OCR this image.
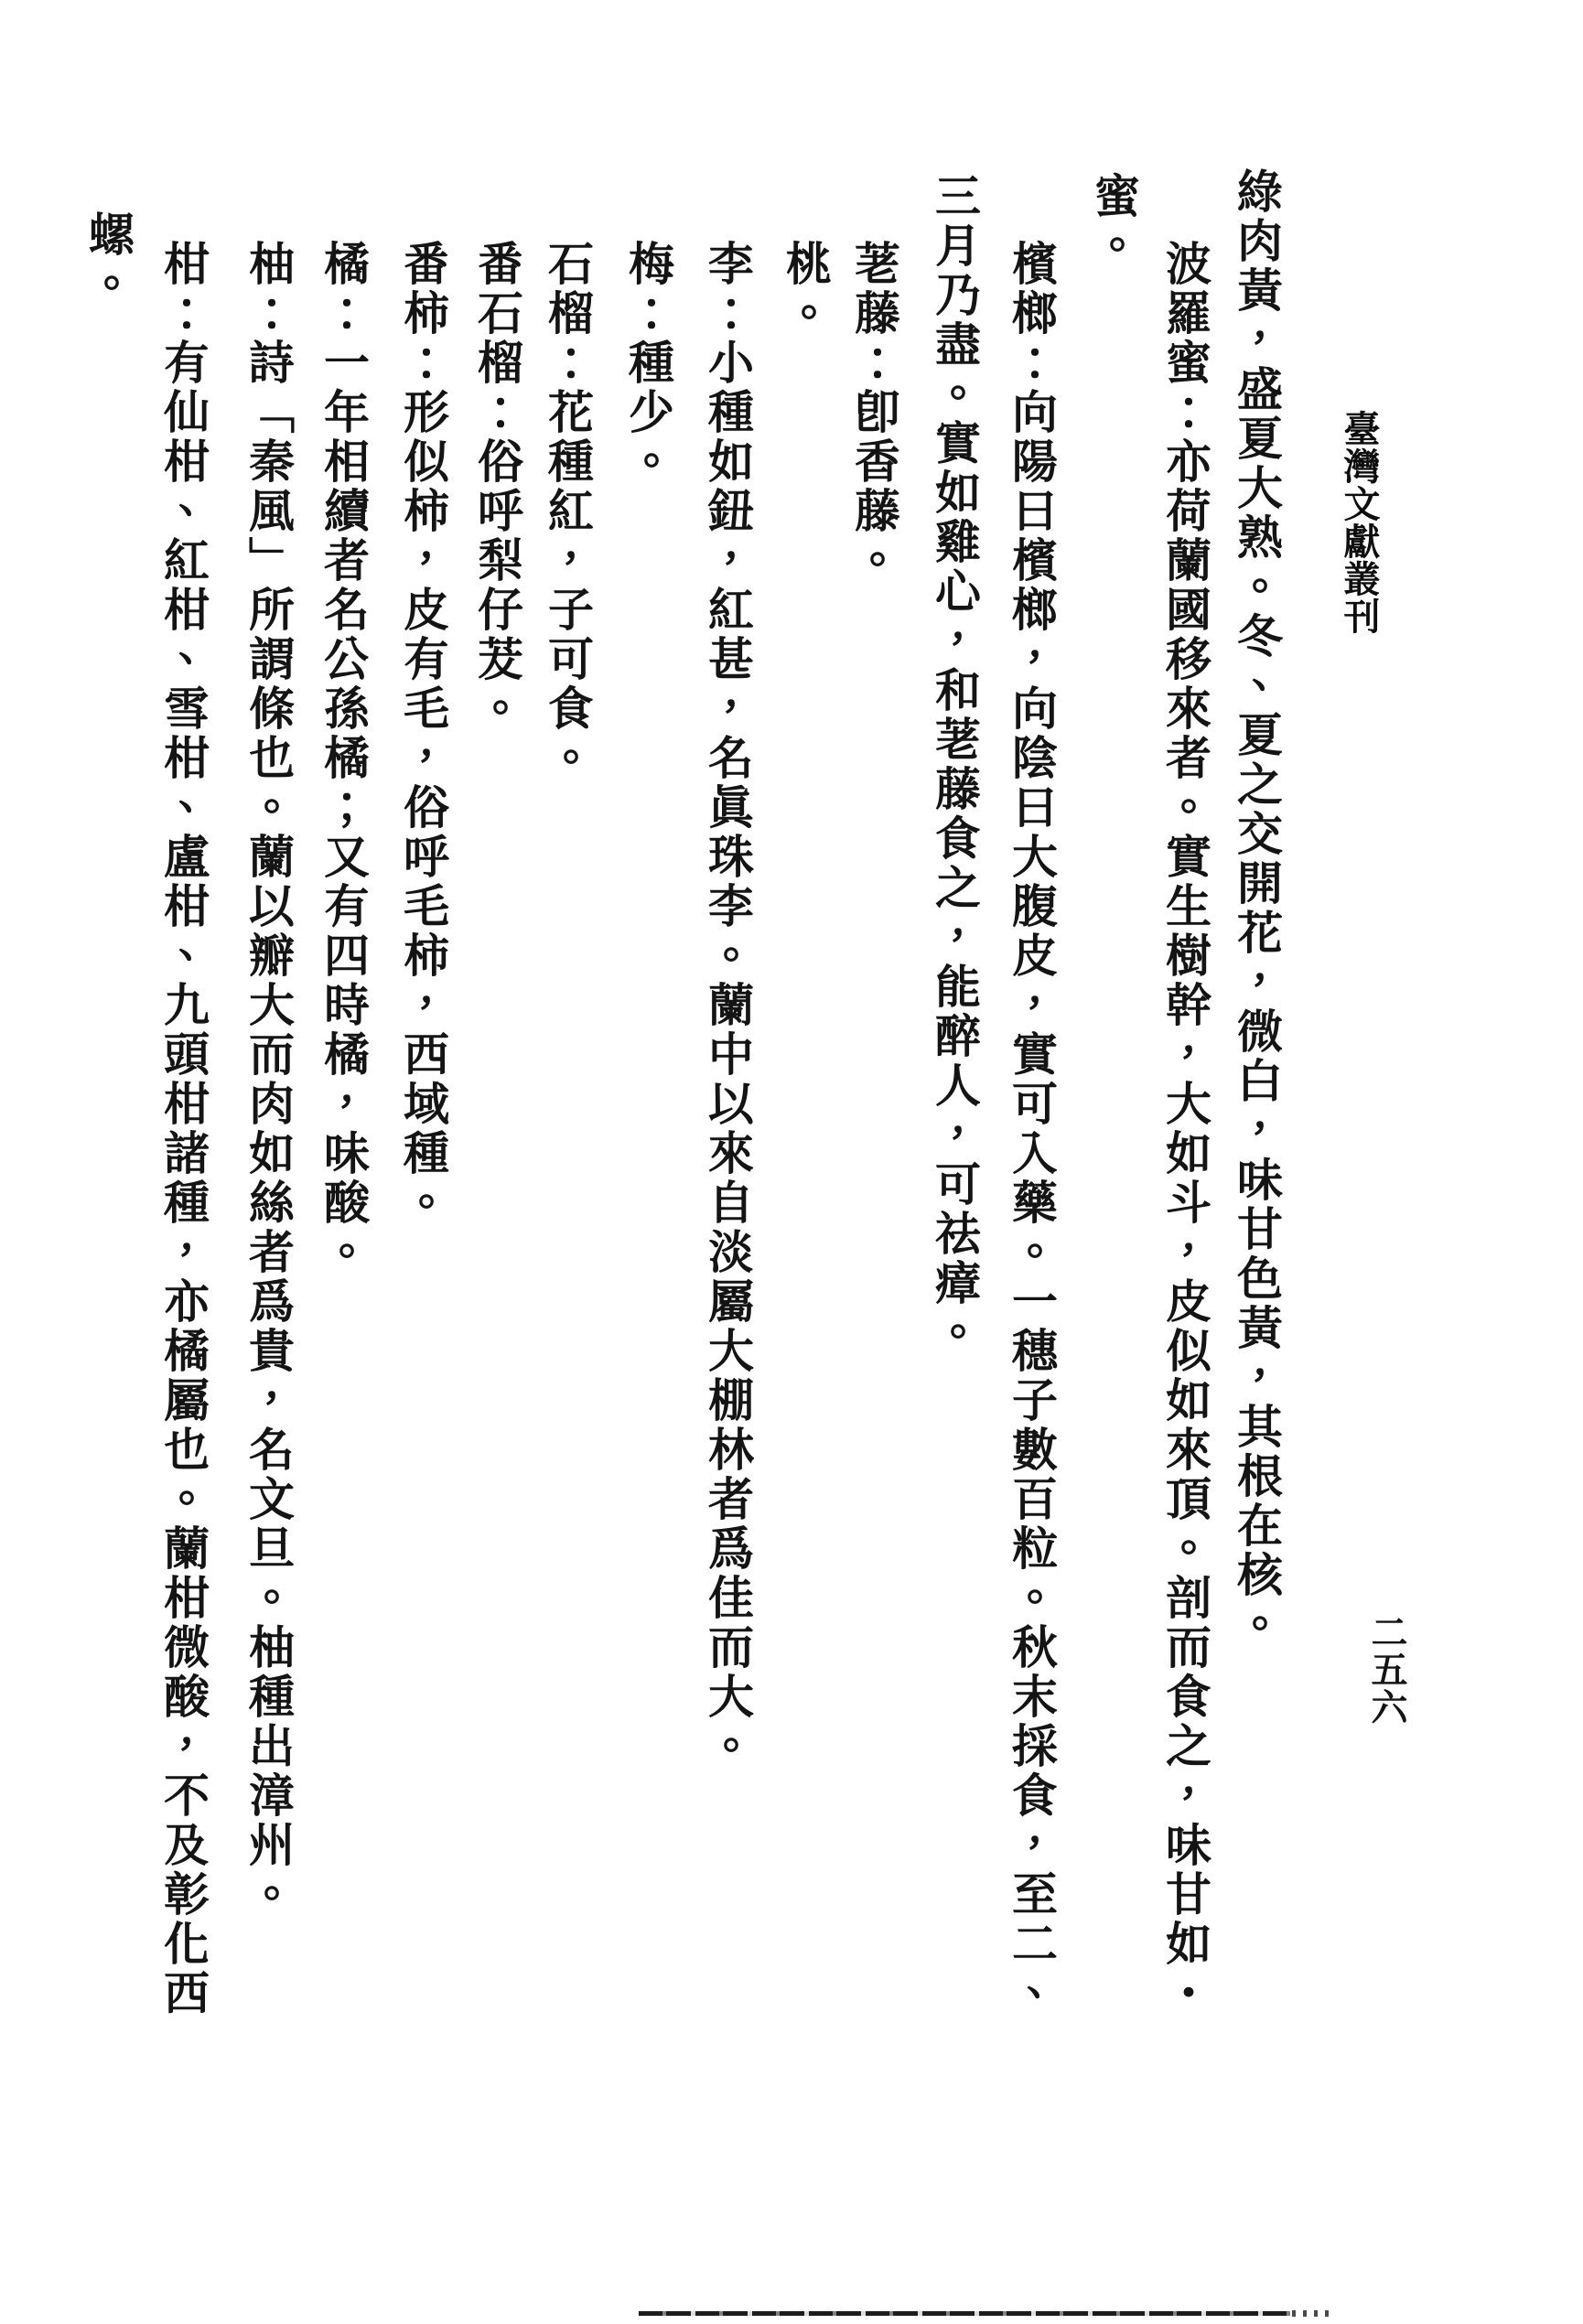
臺灣文獻叢刊
二五六
綠肉黃，盛夏大熟。冬、夏之交開花，微白，味甘色黃，其根在核。
波羅蜜：亦荷蘭國移來者。實生樹幹，大如斗，皮似如來頂。剖而食之，味甘如・
蜜。
檳榔：向陽曰檳榔，向陰曰大腹皮，實可入藥。一穗子數百粒。秋末採食，至二、
三月乃盡。實如雞心，和荖藤食之，能醉人，可祛瘴。
荖藤：卽香藤。
桃。
李：小種如鈕，紅甚，名眞珠李。蘭中以來自淡屬大棚林者爲佳而大。
梅：種少。
石榴：花種紅，子可食。
番石榴：俗呼梨仔茇。
番柿：形似柿，皮有毛，俗呼毛柿，西域種。
橘：一年相續者名公孫橘；又有四時橘，味酸。
柚：詩「秦風」所謂條也。蘭以瓣大而肉如絲者爲貴，名文旦。柚種出漳州。
柑：有仙柑、紅柑、雪柑、盧柑、九頭柑諸種，亦橘屬也。蘭柑微酸，不及彰化西
螺。
